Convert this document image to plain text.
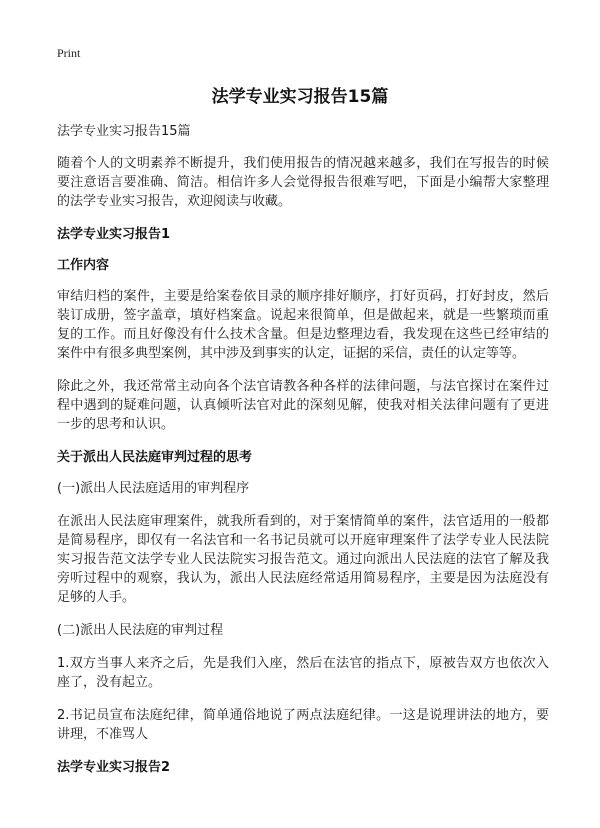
Print
法学专业实习报告15篇

法学专业实习报告15篇

随着个人的文明素养不断提升，我们使用报告的情况越来越多，我们在写报告的时候要注意语言要准确、简洁。相信许多人会觉得报告很难写吧，下面是小编帮大家整理的法学专业实习报告，欢迎阅读与收藏。

法学专业实习报告1
工作内容

审结归档的案件，主要是给案卷依目录的顺序排好顺序，打好页码，打好封皮，然后装订成册，签字盖章，填好档案盒。说起来很简单，但是做起来，就是一些繁琐而重复的工作。而且好像没有什么技术含量。但是边整理边看，我发现在这些已经审结的案件中有很多典型案例，其中涉及到事实的认定，证据的采信，责任的认定等等。

除此之外，我还常常主动向各个法官请教各种各样的法律问题，与法官探讨在案件过程中遇到的疑难问题，认真倾听法官对此的深刻见解，使我对相关法律问题有了更进一步的思考和认识。

关于派出人民法庭审判过程的思考

(一)派出人民法庭适用的审判程序

在派出人民法庭审理案件，就我所看到的，对于案情简单的案件，法官适用的一般都是简易程序，即仅有一名法官和一名书记员就可以开庭审理案件了法学专业人民法院实习报告范文法学专业人民法院实习报告范文。通过向派出人民法庭的法官了解及我旁听过程中的观察，我认为，派出人民法庭经常适用简易程序，主要是因为法庭没有足够的人手。

(二)派出人民法庭的审判过程

1.双方当事人来齐之后，先是我们入座，然后在法官的指点下，原被告双方也依次入座了，没有起立。

2.书记员宣布法庭纪律，简单通俗地说了两点法庭纪律。一这是说理讲法的地方，要讲理，不准骂人

法学专业实习报告2
